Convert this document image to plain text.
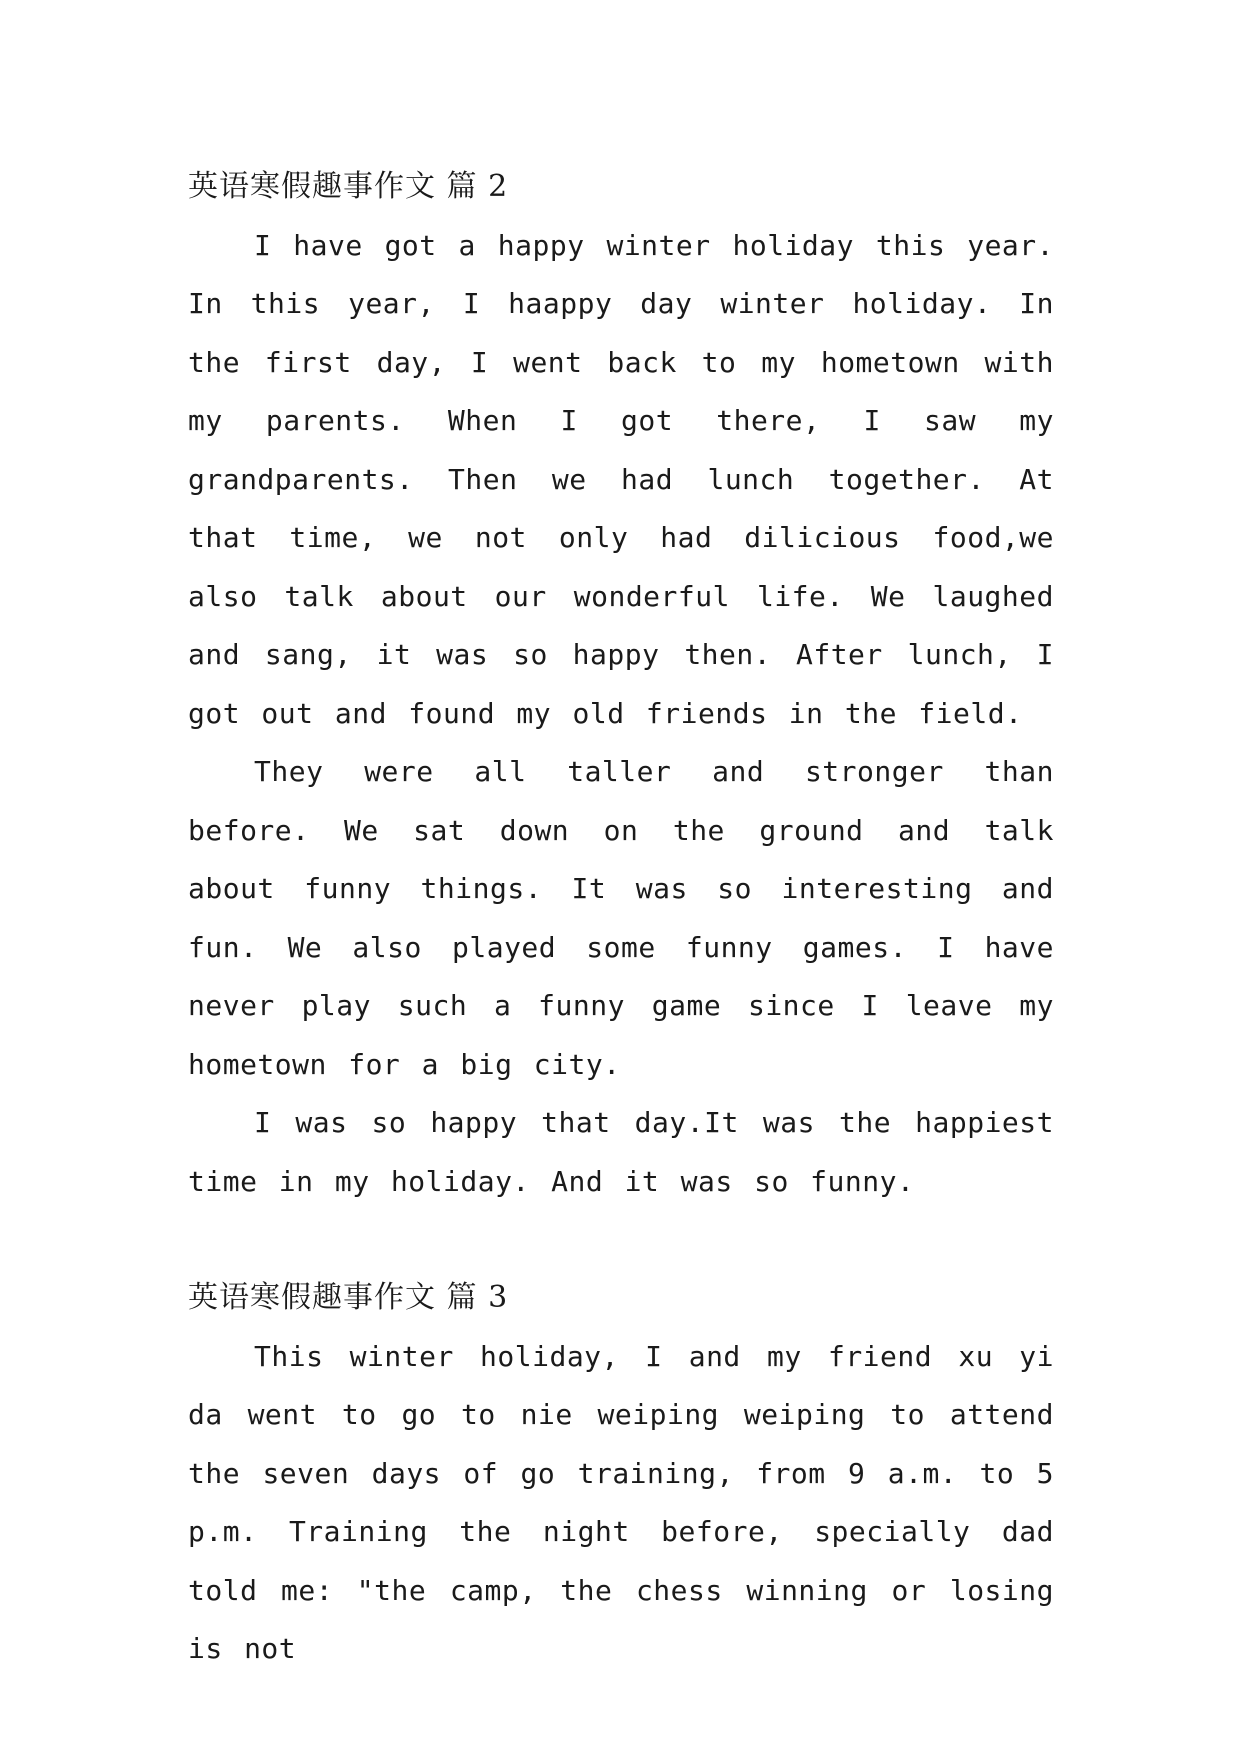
英语寒假趣事作文 篇 2

I have got a happy winter holiday this year. In this year, I haappy day winter holiday. In the first day, I went back to my hometown with my parents. When I got there, I saw my grandparents. Then we had lunch together. At that time, we not only had dilicious food,we also talk about our wonderful life. We laughed and sang, it was so happy then. After lunch, I got out and found my old friends in the field.

They were all taller and stronger than before. We sat down on the ground and talk about funny things. It was so interesting and fun. We also played some funny games. I have never play such a funny game since I leave my hometown for a big city.

I was so happy that day.It was the happiest time in my holiday. And it was so funny.

英语寒假趣事作文 篇 3

This winter holiday, I and my friend xu yi da went to go to nie weiping weiping to attend the seven days of go training, from 9 a.m. to 5 p.m. Training the night before, specially dad told me: "the camp, the chess winning or losing is not
